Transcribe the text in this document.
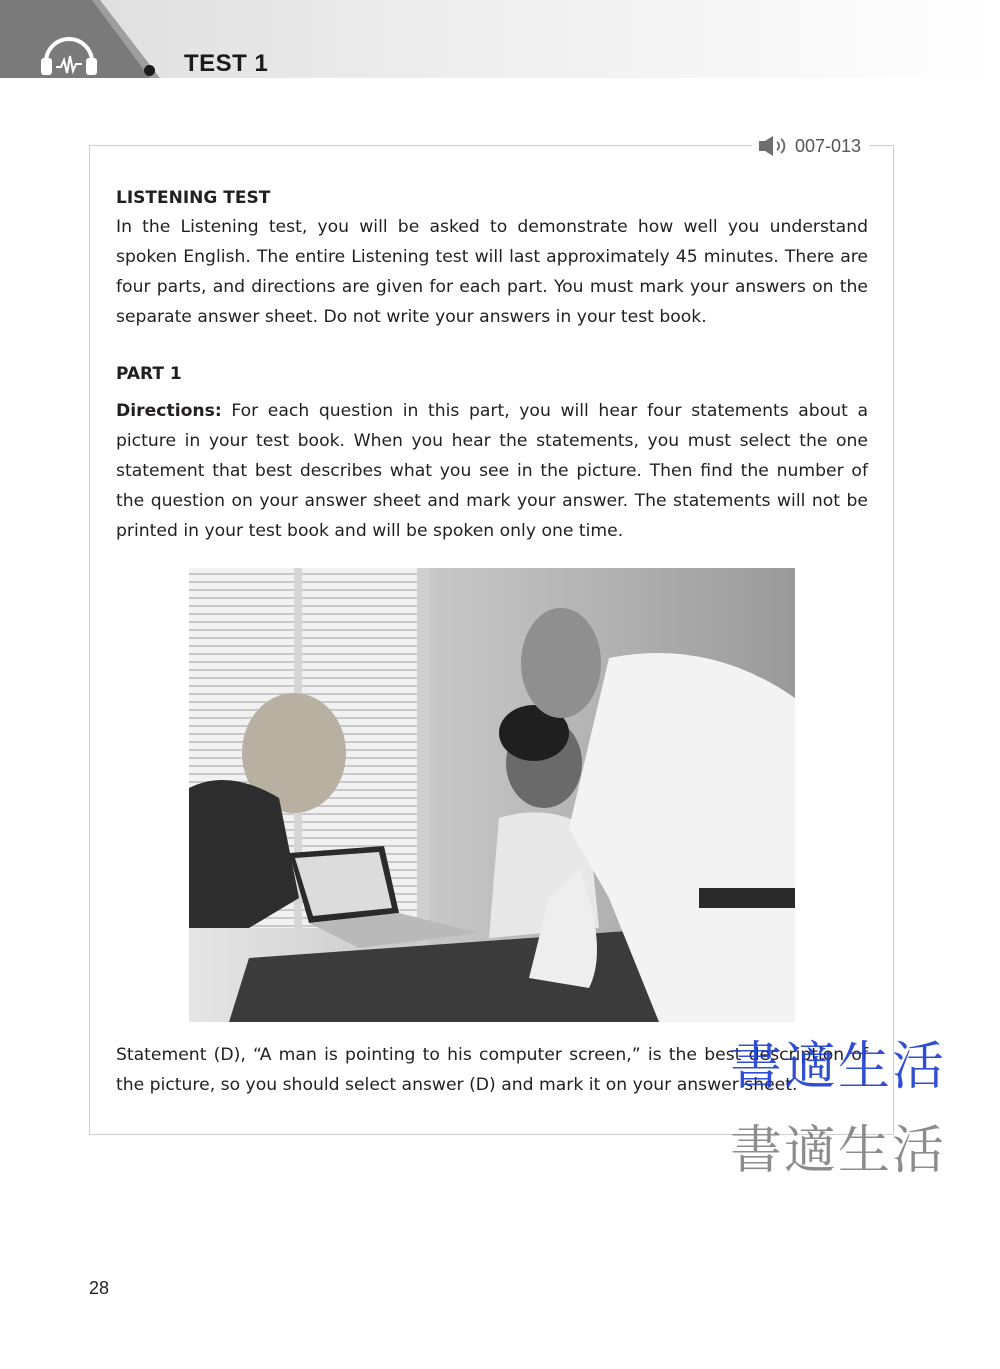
TEST 1
007-013

LISTENING TEST

In the Listening test, you will be asked to demonstrate how well you understand spoken English. The entire Listening test will last approximately 45 minutes. There are four parts, and directions are given for each part. You must mark your answers on the separate answer sheet. Do not write your answers in your test book.

PART 1

Directions: For each question in this part, you will hear four statements about a picture in your test book. When you hear the statements, you must select the one statement that best describes what you see in the picture. Then find the number of the question on your answer sheet and mark your answer. The statements will not be printed in your test book and will be spoken only one time.

Statement (D), “A man is pointing to his computer screen,” is the best description of the picture, so you should select answer (D) and mark it on your answer sheet.

書適生活
書適生活
28
